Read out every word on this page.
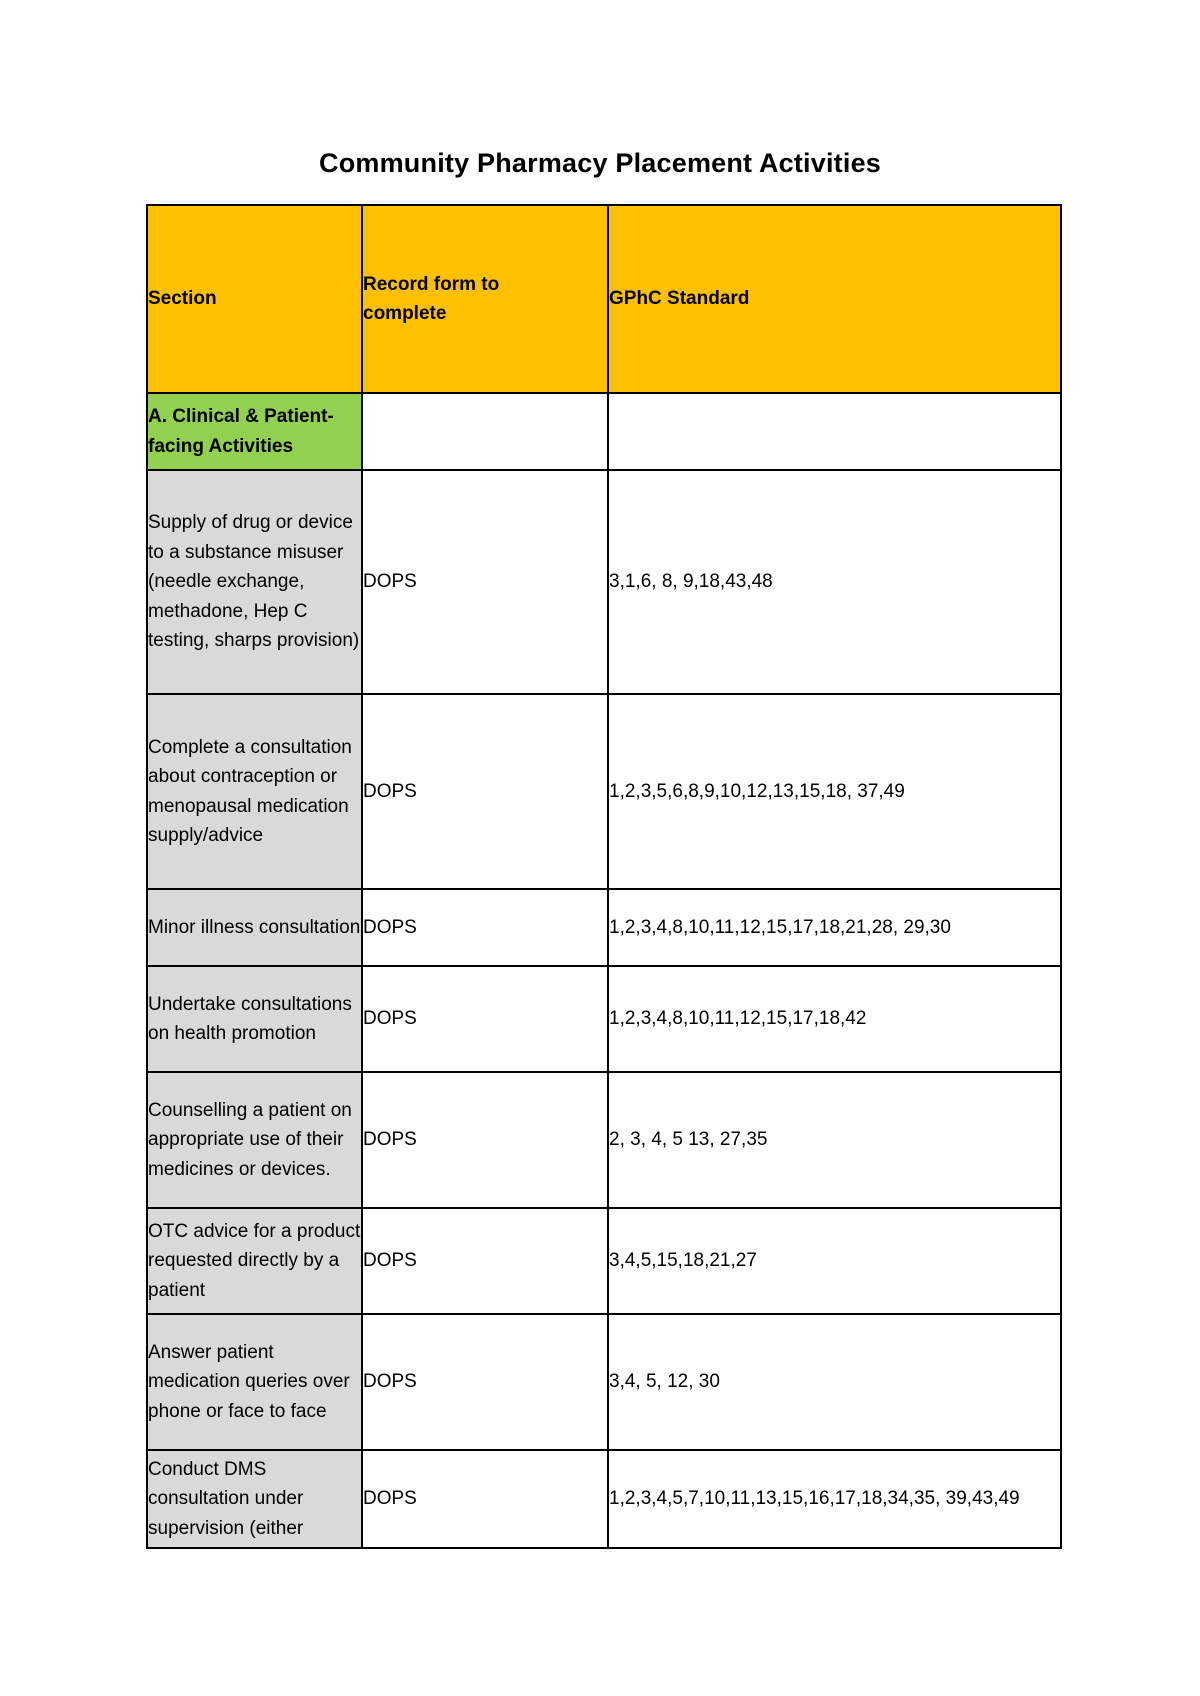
Community Pharmacy Placement Activities
Section	Record form to complete	GPhC Standard

A. Clinical & Patient-facing Activities		

Supply of drug or device to a substance misuser (needle exchange, methadone, Hep C testing, sharps provision)	DOPS	3,1,6, 8, 9,18,43,48

Complete a consultation about contraception or menopausal medication supply/advice	DOPS	1,2,3,5,6,8,9,10,12,13,15,18, 37,49

Minor illness consultation	DOPS	1,2,3,4,8,10,11,12,15,17,18,21,28, 29,30

Undertake consultations on health promotion	DOPS	1,2,3,4,8,10,11,12,15,17,18,42

Counselling a patient on appropriate use of their medicines or devices.	DOPS	2, 3, 4, 5 13, 27,35

OTC advice for a product requested directly by a patient	DOPS	3,4,5,15,18,21,27

Answer patient medication queries over phone or face to face	DOPS	3,4, 5, 12, 30

Conduct DMS consultation under supervision (either	DOPS	1,2,3,4,5,7,10,11,13,15,16,17,18,34,35, 39,43,49
